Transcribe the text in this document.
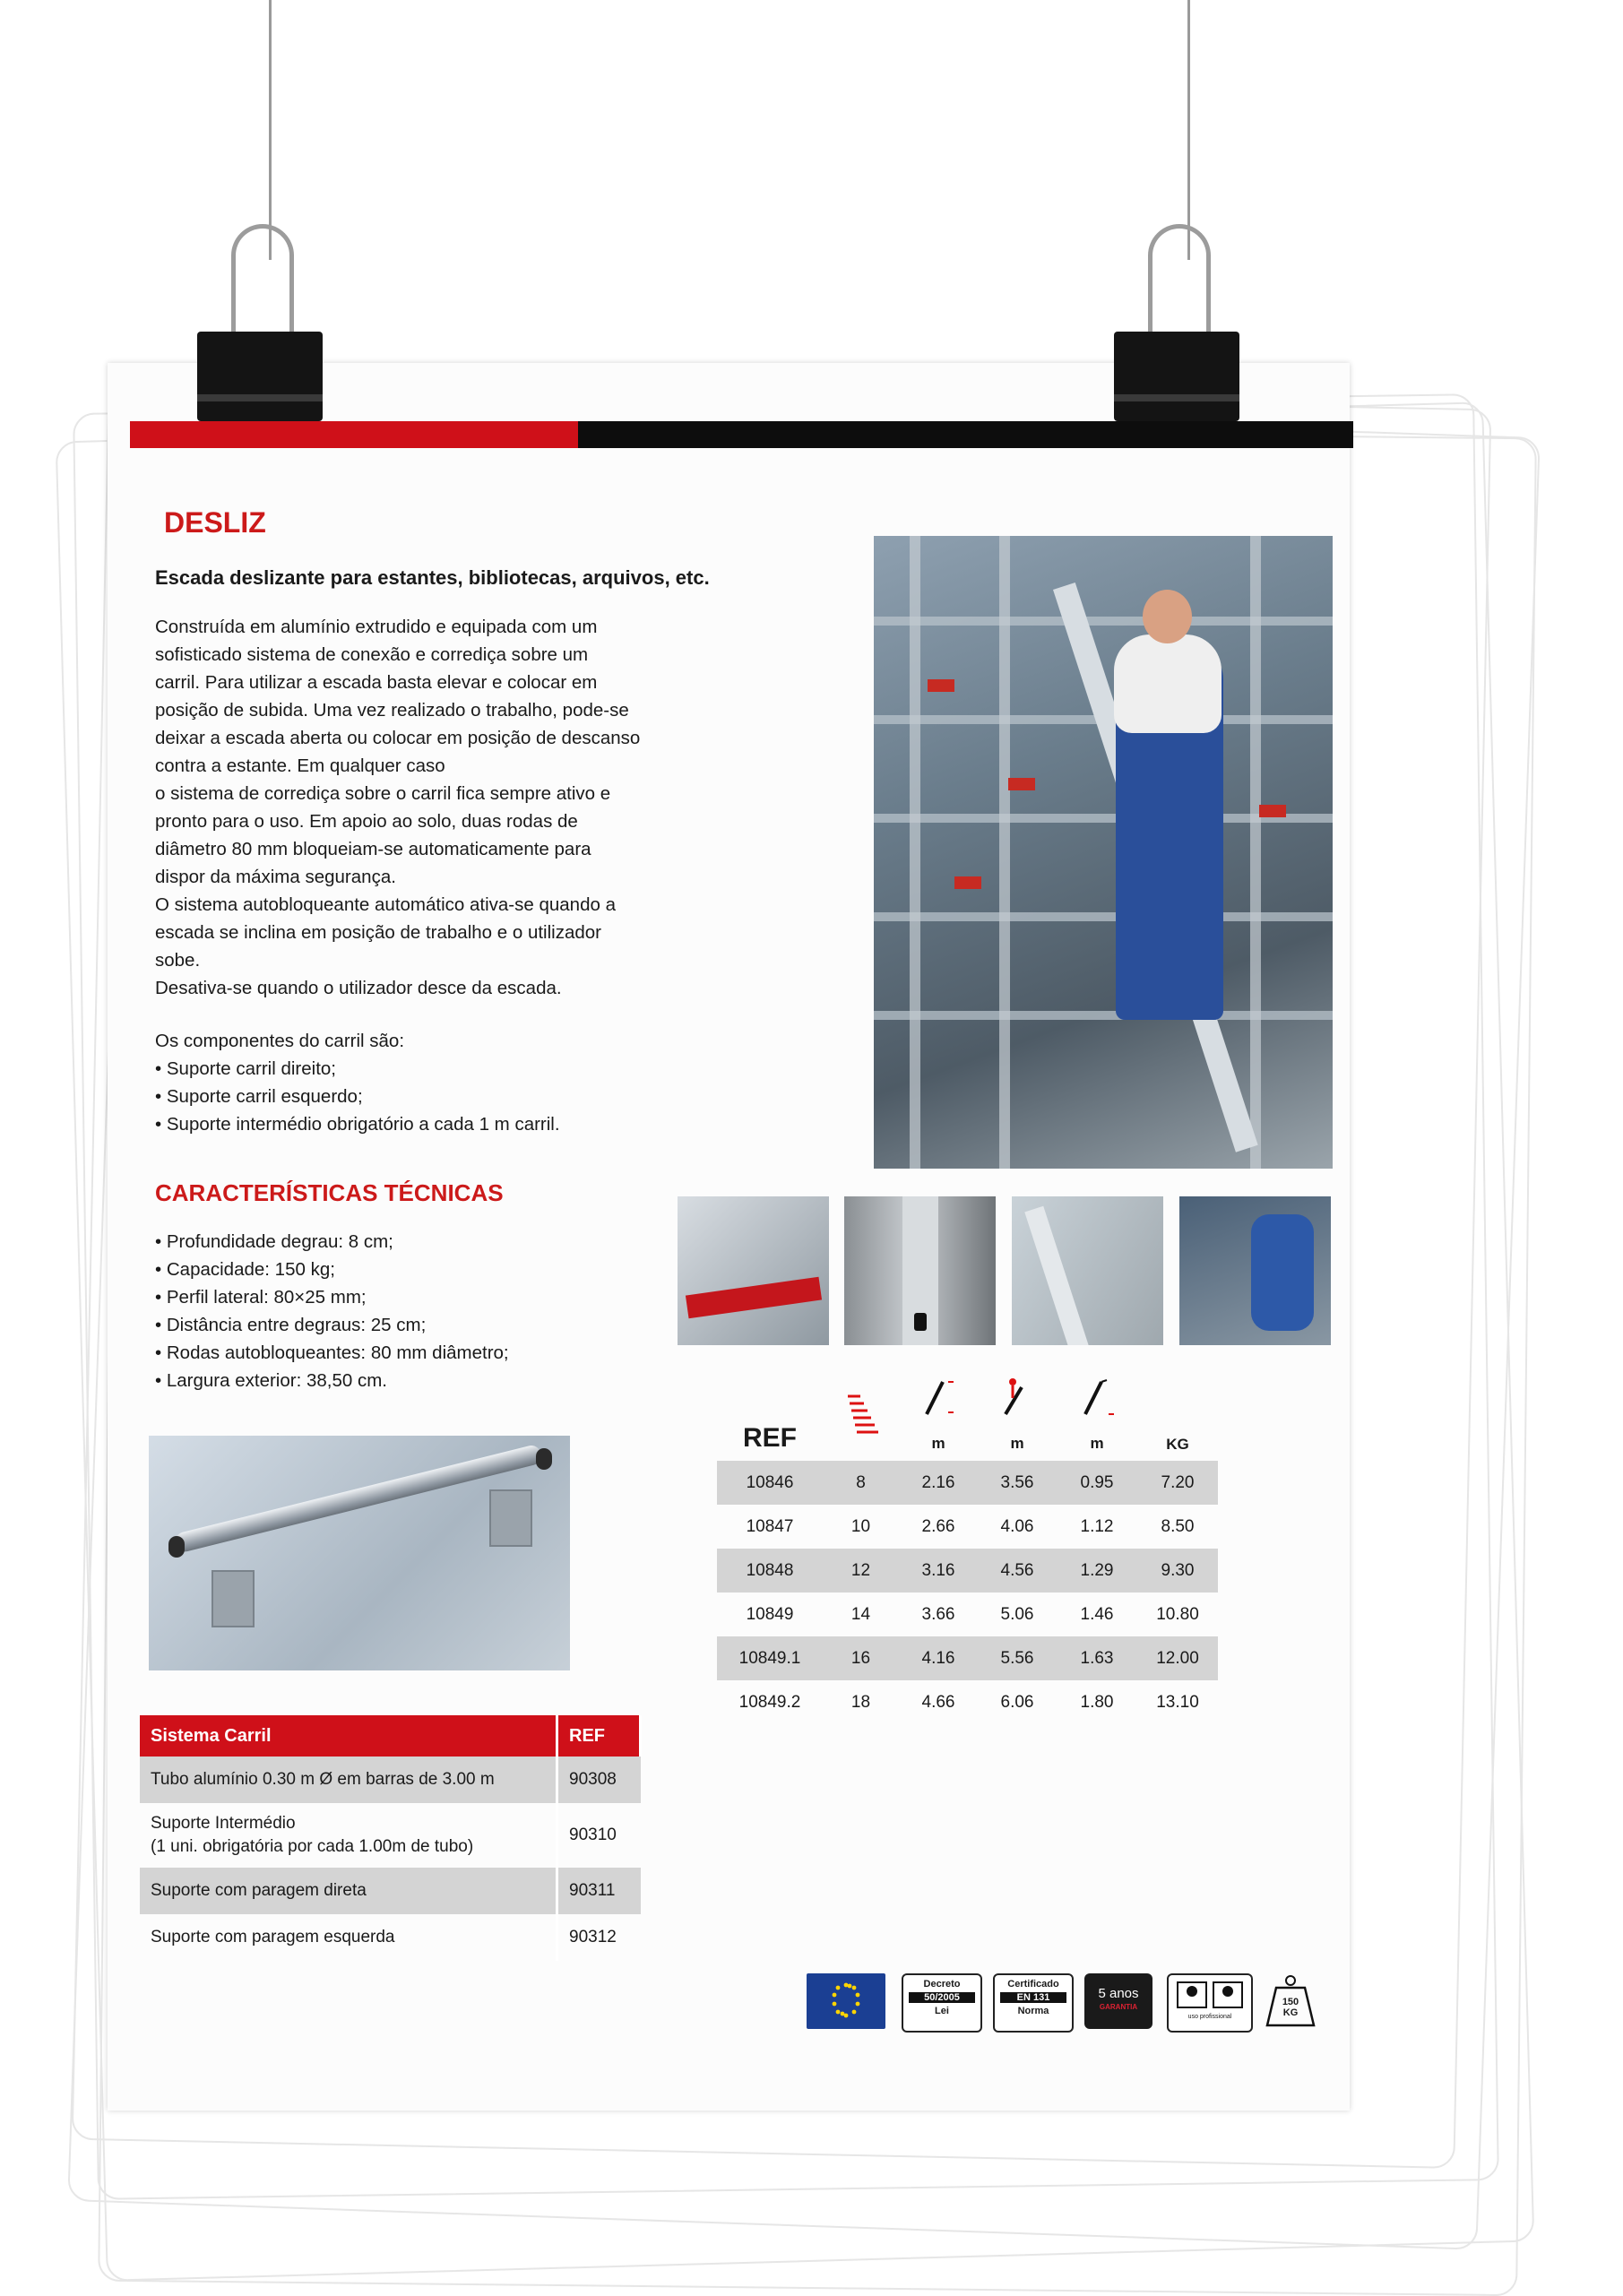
DESLIZ

Escada deslizante para estantes, bibliotecas, arquivos, etc.

Construída em alumínio extrudido e equipada com um

sofisticado sistema de conexão e corrediça sobre um

carril. Para utilizar a escada basta elevar e colocar em

posição de subida. Uma vez realizado o trabalho, pode-se

deixar a escada aberta ou colocar em posição de descanso

contra a estante. Em qualquer caso

o sistema de corrediça sobre o carril fica sempre ativo e

pronto para o uso. Em apoio ao solo, duas rodas de

diâmetro 80 mm bloqueiam-se automaticamente para

dispor da máxima segurança.

O sistema autobloqueante automático ativa-se quando a

escada se inclina em posição de trabalho e o utilizador

sobe.

Desativa-se quando o utilizador desce da escada.

Os componentes do carril são:

• Suporte carril direito;

• Suporte carril esquerdo;

• Suporte intermédio obrigatório a cada 1 m carril.

CARACTERÍSTICAS TÉCNICAS

• Profundidade degrau: 8 cm;

• Capacidade: 150 kg;

• Perfil lateral: 80×25 mm;

• Distância entre degraus: 25 cm;

• Rodas autobloqueantes: 80 mm diâmetro;

• Largura exterior: 38,50 cm.

REF		m	m	m	KG
10846	8	2.16	3.56	0.95	7.20
10847	10	2.66	4.06	1.12	8.50
10848	12	3.16	4.56	1.29	9.30
10849	14	3.66	5.06	1.46	10.80
10849.1	16	4.16	5.56	1.63	12.00
10849.2	18	4.66	6.06	1.80	13.10
Sistema Carril	REF
Tubo alumínio 0.30 m Ø em barras de 3.00 m	90308
Suporte Intermédio
(1 uni. obrigatória por cada 1.00m de tubo)	90310
Suporte com paragem direta	90311
Suporte com paragem esquerda	90312
Decreto
50/2005
Lei
Certificado
EN 131
Norma
5 anos
GARANTIA
uso profissional
150
KG
